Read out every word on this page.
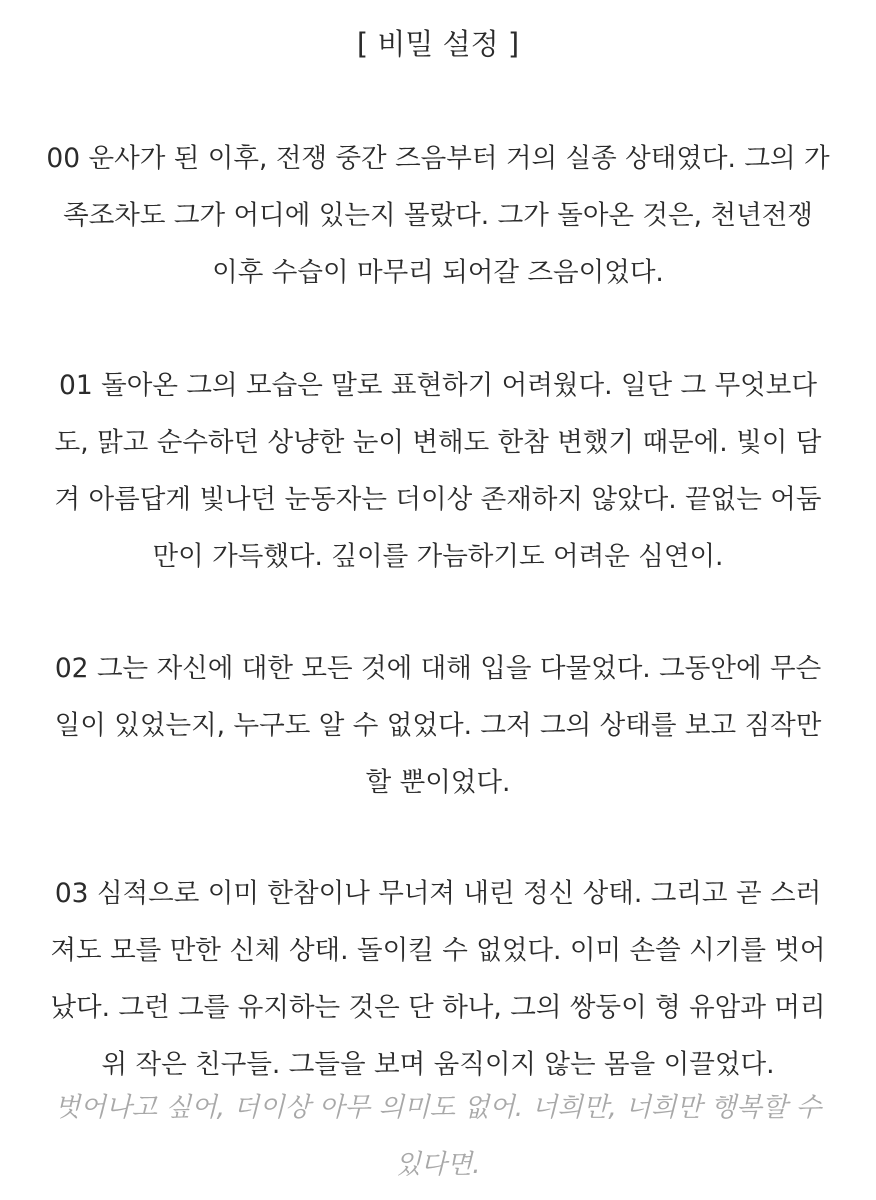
[ 비밀 설정 ]
00 운사가 된 이후, 전쟁 중간 즈음부터 거의 실종 상태였다. 그의 가
족조차도 그가 어디에 있는지 몰랐다. 그가 돌아온 것은, 천년전쟁
이후 수습이 마무리 되어갈 즈음이었다.
01 돌아온 그의 모습은 말로 표현하기 어려웠다. 일단 그 무엇보다
도, 맑고 순수하던 상냥한 눈이 변해도 한참 변했기 때문에. 빛이 담
겨 아름답게 빛나던 눈동자는 더이상 존재하지 않았다. 끝없는 어둠
만이 가득했다. 깊이를 가늠하기도 어려운 심연이.
02 그는 자신에 대한 모든 것에 대해 입을 다물었다. 그동안에 무슨
일이 있었는지, 누구도 알 수 없었다. 그저 그의 상태를 보고 짐작만
할 뿐이었다.
03 심적으로 이미 한참이나 무너져 내린 정신 상태. 그리고 곧 스러
져도 모를 만한 신체 상태. 돌이킬 수 없었다. 이미 손쓸 시기를 벗어
났다. 그런 그를 유지하는 것은 단 하나, 그의 쌍둥이 형 유암과 머리
위 작은 친구들. 그들을 보며 움직이지 않는 몸을 이끌었다.
벗어나고 싶어, 더이상 아무 의미도 없어. 너희만, 너희만 행복할 수
있다면.
